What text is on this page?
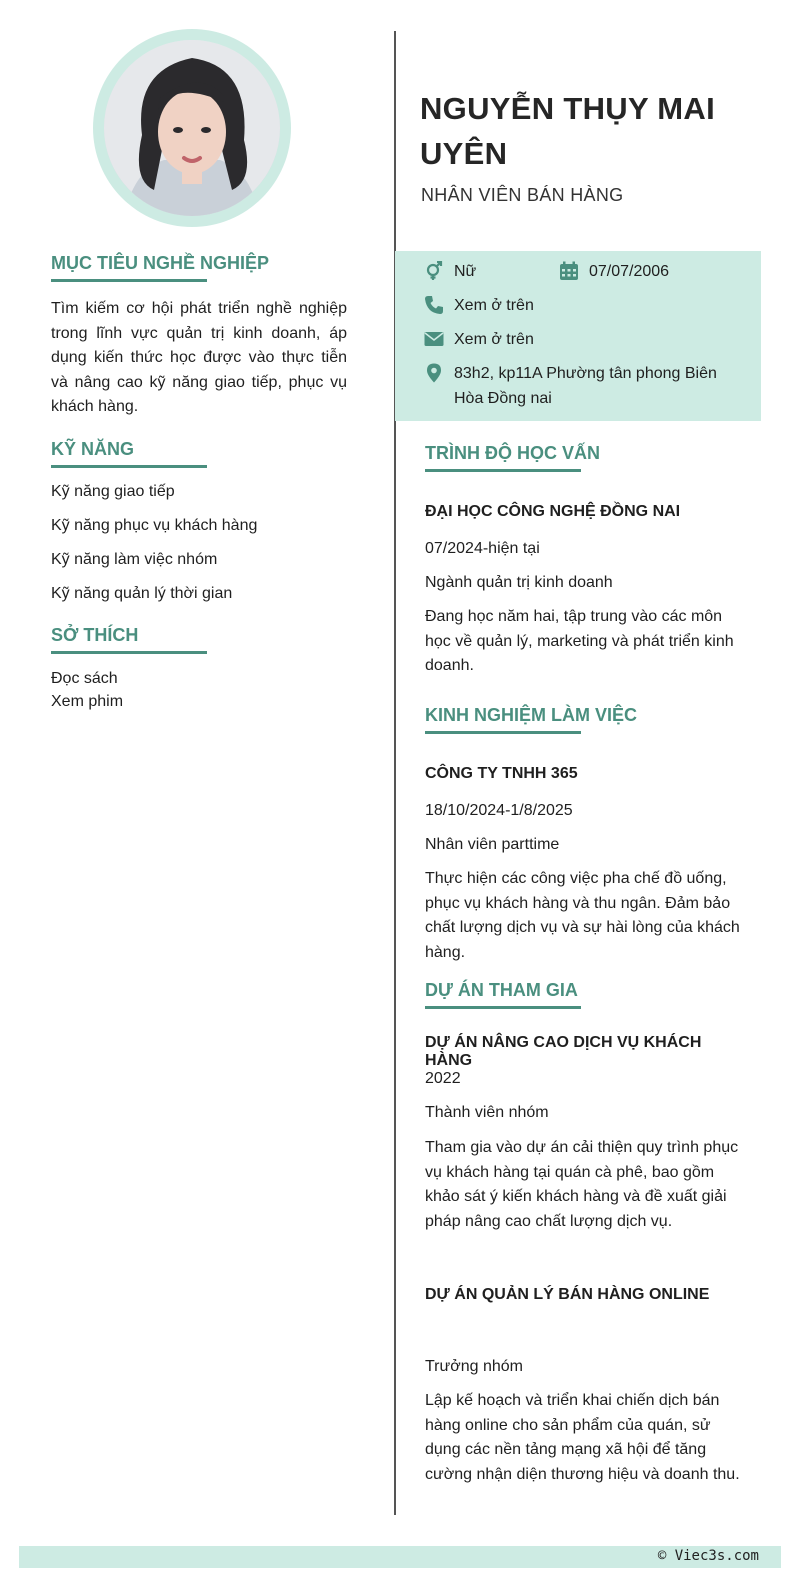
MỤC TIÊU NGHỀ NGHIỆP

Tìm kiếm cơ hội phát triển nghề nghiệp trong lĩnh vực quản trị kinh doanh, áp dụng kiến thức học được vào thực tiễn và nâng cao kỹ năng giao tiếp, phục vụ khách hàng.

KỸ NĂNG
Kỹ năng giao tiếp
Kỹ năng phục vụ khách hàng
Kỹ năng làm việc nhóm
Kỹ năng quản lý thời gian
SỞ THÍCH
Đọc sách
Xem phim
NGUYỄN THỤY MAI UYÊN
NHÂN VIÊN BÁN HÀNG
Nữ	07/07/2006
Xem ở trên
Xem ở trên
83h2, kp11A Phường tân phong Biên Hòa Đồng nai
TRÌNH ĐỘ HỌC VẤN
ĐẠI HỌC CÔNG NGHỆ ĐỒNG NAI
07/2024-hiện tại
Ngành quản trị kinh doanh
Đang học năm hai, tập trung vào các môn học về quản lý, marketing và phát triển kinh doanh.
KINH NGHIỆM LÀM VIỆC
CÔNG TY TNHH 365
18/10/2024-1/8/2025
Nhân viên parttime
Thực hiện các công việc pha chế đồ uống, phục vụ khách hàng và thu ngân. Đảm bảo chất lượng dịch vụ và sự hài lòng của khách hàng.
DỰ ÁN THAM GIA
DỰ ÁN NÂNG CAO DỊCH VỤ KHÁCH HÀNG
2022
Thành viên nhóm
Tham gia vào dự án cải thiện quy trình phục vụ khách hàng tại quán cà phê, bao gồm khảo sát ý kiến khách hàng và đề xuất giải pháp nâng cao chất lượng dịch vụ.
DỰ ÁN QUẢN LÝ BÁN HÀNG ONLINE
Trưởng nhóm
Lập kế hoạch và triển khai chiến dịch bán hàng online cho sản phẩm của quán, sử dụng các nền tảng mạng xã hội để tăng cường nhận diện thương hiệu và doanh thu.
© Viec3s.com
